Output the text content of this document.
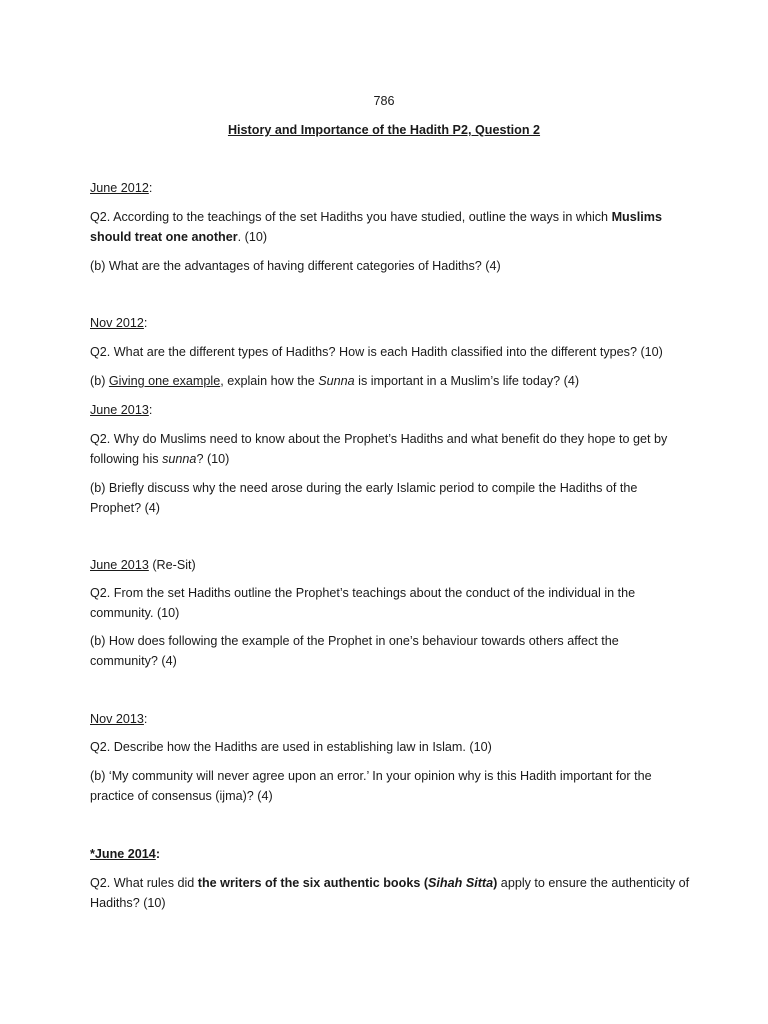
786
History and Importance of the Hadith P2, Question 2
June 2012:
Q2. According to the teachings of the set Hadiths you have studied, outline the ways in which Muslims should treat one another. (10)
(b) What are the advantages of having different categories of Hadiths? (4)
Nov 2012:
Q2. What are the different types of Hadiths? How is each Hadith classified into the different types? (10)
(b) Giving one example, explain how the Sunna is important in a Muslim’s life today? (4)
June 2013:
Q2. Why do Muslims need to know about the Prophet’s Hadiths and what benefit do they hope to get by following his sunna? (10)
(b) Briefly discuss why the need arose during the early Islamic period to compile the Hadiths of the Prophet? (4)
June 2013 (Re-Sit)
Q2. From the set Hadiths outline the Prophet’s teachings about the conduct of the individual in the community. (10)
(b) How does following the example of the Prophet in one’s behaviour towards others affect the community? (4)
Nov 2013:
Q2. Describe how the Hadiths are used in establishing law in Islam. (10)
(b) ‘My community will never agree upon an error.’ In your opinion why is this Hadith important for the practice of consensus (ijma)? (4)
*June 2014:
Q2. What rules did the writers of the six authentic books (Sihah Sitta) apply to ensure the authenticity of Hadiths? (10)
